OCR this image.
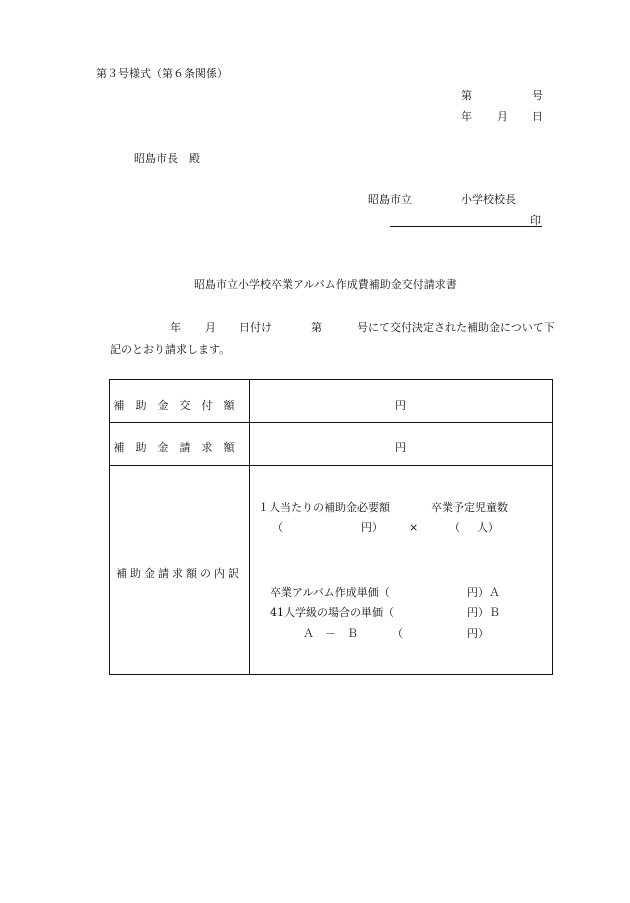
第３号様式（第６条関係）
第	号
年 月 日
昭島市長　殿
昭島市立	小学校校長
印
昭島市立小学校卒業アルバム作成費補助金交付請求書
年 月 日付け	第	号にて交付決定された補助金について下
記のとおり請求します。
補助金交付額	円
補助金請求額	円
補助金請求額の内訳
１人当たりの補助金必要額	卒業予定児童数
（	円） ×	（ 人）
卒業アルバム作成単価（	円）Ａ
41人学級の場合の単価（	円）Ｂ
Ａ　－　Ｂ	（	円）
